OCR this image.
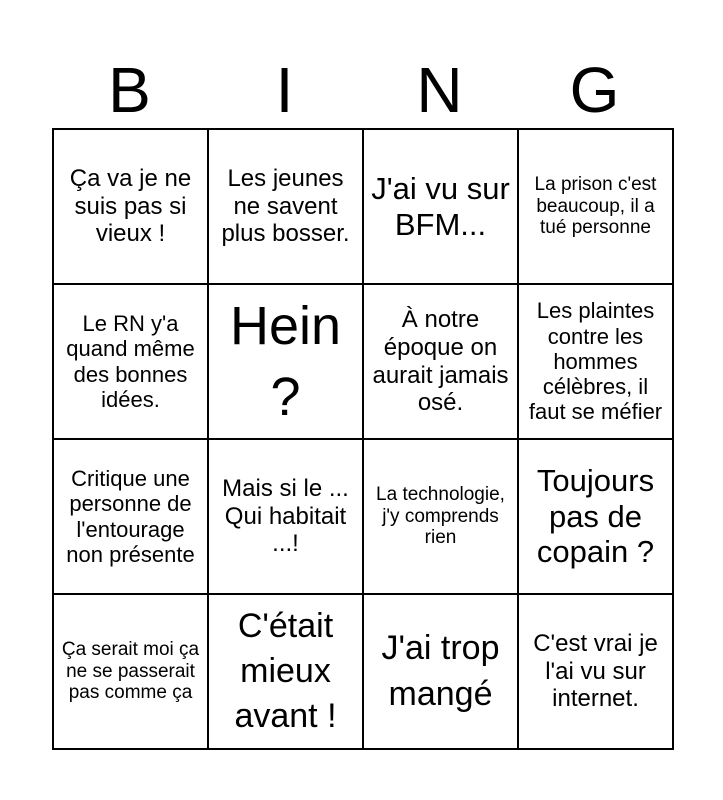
B	I	N	G
Ça va je ne suis pas si vieux !	Les jeunes ne savent plus bosser.	J'ai vu sur BFM...	La prison c'est beaucoup, il a tué personne
Le RN y'a quand même des bonnes idées.	Hein ?	À notre époque on aurait jamais osé.	Les plaintes contre les hommes célèbres, il faut se méfier
Critique une personne de l'entourage non présente	Mais si le ... Qui habitait ...!	La technologie, j'y comprends rien	Toujours pas de copain ?
Ça serait moi ça ne se passerait pas comme ça	C'était mieux avant !	J'ai trop mangé	C'est vrai je l'ai vu sur internet.
